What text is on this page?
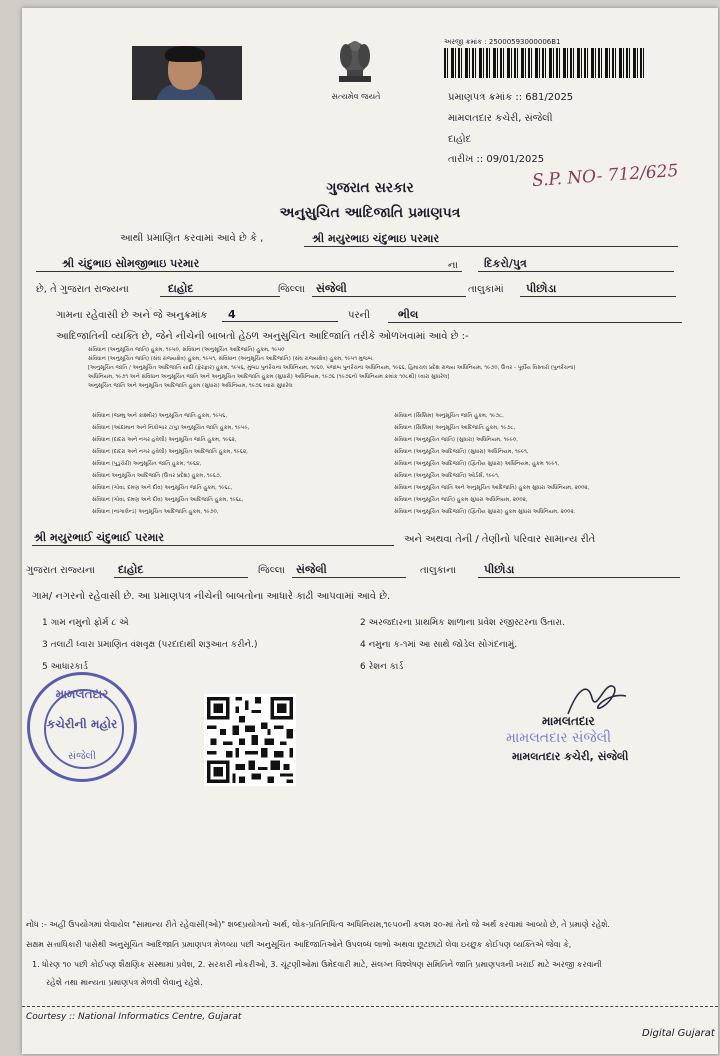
સત્યમેવ જયતે
અરજી ક્રમાંક : 25000593000006B1
પ્રમાણપત્ર ક્રમાંક :: 681/2025
મામલતદાર કચેરી, સંજેલી
દાહોદ
તારીખ :: 09/01/2025
S.P. NO- 712/625
ગુજરાત સરકાર
અનુસુચિત આદિજાતિ પ્રમાણપત્ર
આથી પ્રમાણિત કરવામાં આવે છે કે ,	શ્રી મયુરભાઇ ચંદુભાઇ પરમાર
શ્રી ચંદુભાઇ સોમજીભાઇ પરમાર	ના	દિકરો/પુત્ર
છે, તે ગુજરાત રાજ્યના	દાહોદ	જિલ્લા	સંજેલી	તાલુકામાં	પીછોડા
ગામના રહેવાસી છે અને જે અનુક્રમાંક	4	પરની	ભીલ
આદિજાતિની વ્યક્તિ છે, જેને નીચેની બાબતો હેઠળ અનુસુચિત આદિજાતિ તરીકે ઓળખવામાં આવે છે :-
સંવિધાન (અનુસૂચિત જાતિ) હુકમ, ૧૯૫૦, સંવિધાન (અનુસૂચિત આદિજાતિ) હુકમ, ૧૯૫૦
સંવિધાન (અનુસૂચિત જાતિ) (સંઘ રાજ્યક્ષેત્ર) હુકમ, ૧૯૫૧, સંવિધાન (અનુસૂચિત આદિજાતિ) (સંઘ રાજ્યક્ષેત્ર) હુકમ, ૧૯૫૧ મુજબ.
[અનુસૂચિત જાતિ / અનુસૂચિત આદિજાતિ યાદી (ફેરફાર) હુકમ, ૧૯૫૬, મુંબઇ પુનર્રચના અધિનિયમ, ૧૯૬૦, પંજાબ પુનર્રચના અધિનિયમ, ૧૯૬૬, હિમાચલ પ્રદેશ રાજ્ય અધિનિયમ, ૧૯૭૦, ઉત્તર - પૂર્વીય વિસ્તારો (પુનર્રચના)
અધિનિયમ, ૧૯૭૧ અને સંવિધાન અનુસૂચિત જાતિ અને અનુસૂચિત આદિજાતિ હુકમ (સુધારો) અધિનિયમ, ૧૯૭૬ (૧૯૭૬નો અધિનિયમ ક્રમાંક ૧૦૮થી) ધ્વારા સુધારેલ]
અનુસૂચિત જાતિ અને અનુસૂચિત આદિજાતિ હુકમ (સુધારા) અધિનિયમ, ૧૯૭૬ ધ્વારા સુધારેલ
સંવિધાન (જમ્મુ અને કાશ્મીર) અનુસૂચિત જાતિ હુકમ, ૧૯૫૬,
સંવિધાન (આંદામાન અને નિકોબાર ટાપુ) અનુસૂચિત જાતિ હુકમ, ૧૯૫૯,
સંવિધાન (દાદરા અને નગર હવેલી) અનુસૂચિત જાતિ હુકમ, ૧૯૬૨,
સંવિધાન (દાદરા અને નગર હવેલી) અનુસૂચિત આદિજાતિ હુકમ, ૧૯૬૨,
સંવિધાન (પુડુચેરી) અનુસૂચિત જાતિ હુકમ, ૧૯૬૪,
સંવિધાન અનુસૂચિત આદિજાતિ (ઉત્તર પ્રદેશ) હુકમ, ૧૯૬૭,
સંવિધાન (ગોવા, દમણ અને દીવ) અનુસૂચિત જાતિ હુકમ, ૧૯૬૮,
સંવિધાન (ગોવા, દમણ અને દીવ) અનુસૂચિત આદિજાતિ હુકમ, ૧૯૬૮,
સંવિધાન (નાગાલેન્ડ) અનુસૂચિત આદિજાતિ હુકમ, ૧૯૭૦,
સંવિધાન (સિક્કિમ) અનુસૂચિત જાતિ હુકમ, ૧૯૭૮,
સંવિધાન (સિક્કિમ) અનુસૂચિત આદિજાતિ હુકમ, ૧૯૭૮,
સંવિધાન (અનુસૂચિત જાતિ) (સુધારા) અધિનિયમ, ૧૯૯૦,
સંવિધાન (અનુસૂચિત આદિજાતિ) (સુધારા) અધિનિયમ, ૧૯૯૧,
સંવિધાન (અનુસૂચિત આદિજાતિ) (દ્વિતીય સુધારા) અધિનિયમ, હુકમ ૧૯૯૧,
સંવિધાન (અનુસૂચિત આદિજાતિ) ઓર્ડર્સ, ૧૯૯૧,
સંવિધાન (અનુસૂચિત જાતિ અને અનુસૂચિત આદિજાતિ) હુકમ સુધારા અધિનિયમ, ૨૦૦૨,
સંવિધાન (અનુસૂચિત જાતિ) હુકમ સુધારા અધિનિયમ, ૨૦૦૨,
સંવિધાન (અનુસૂચિત આદિજાતિ) (દ્વિતીય સુધારા) હુકમ સુધારા અધિનિયમ, ૨૦૦૨.
શ્રી મયુરભાઈ ચંદુભાઈ પરમાર	અને અથવા તેની / તેણીનો પરિવાર સામાન્ય રીતે
ગુજરાત રાજ્યના	દાહોદ	જિલ્લા	સંજેલી	તાલુકાના	પીછોડા
ગામ/ નગરનો રહેવાસી છે. આ પ્રમાણપત્ર નીચેની બાબતોના આધારે કાઢી આપવામાં આવે છે.
1 ગામ નમુનો ફોર્મ ૮ એ
3 તલાટી ધ્વારા પ્રમાણિત વંશવૃક્ષ (પરદાદાથી શરૂઆત કરીને.)
5 આધારકાર્ડ
2 અરજદારના પ્રાથમિક શાળાના પ્રવેશ રજીસ્ટરના ઉતારા.
4 નમુના ક-૧માં આ સાથે જોડેલ સોગંદનામું.
6 રેશન કાર્ડ
મામલતદાર
કચેરીની મહોર
સંજેલી
મામલતદાર
મામલતદાર સંજેલી
મામલતદાર કચેરી, સંજેલી
નોંધ :- અહીં ઉપયોગમાં લેવાયેલ "સામાન્ય રીતે રહેવાસી(ઓ)" શબ્દપ્રયોગનો અર્થ, લોક-પ્રતિનિધિત્વ અધિનિયમ,૧૯૫૦ની કલમ ૨૦-માં તેનો જે અર્થ કરવામાં આવ્યો છે, તે પ્રમાણે રહેશે.
સક્ષમ સત્તાધિકારી પાસેથી અનુસૂચિત આદિજાતિ પ્રમાણપત્ર મેળવ્યા પછી અનુસૂચિત આદિજાતિઓને ઉપલબ્ધ લાભો અથવા છૂટછાટો લેવા ઇચ્છુક કોઈપણ વ્યક્તિએ જેવા કે,
1. ધોરણ ૧૦ પછી કોઈપણ શૈક્ષણિક સંસ્થામાં પ્રવેશ, 2. સરકારી નોકરીઓ, 3. ચૂંટણીઓમાં ઉમેદવારી માટે, સંલગ્ન વિશ્લેષણ સમિતિને જાતિ પ્રમાણપત્રની ખરાઈ માટે અરજી કરવાની
રહેશે તથા માન્યતા પ્રમાણપત્ર મેળવી લેવાનું રહેશે.
Courtesy :: National Informatics Centre, Gujarat
Digital Gujarat
